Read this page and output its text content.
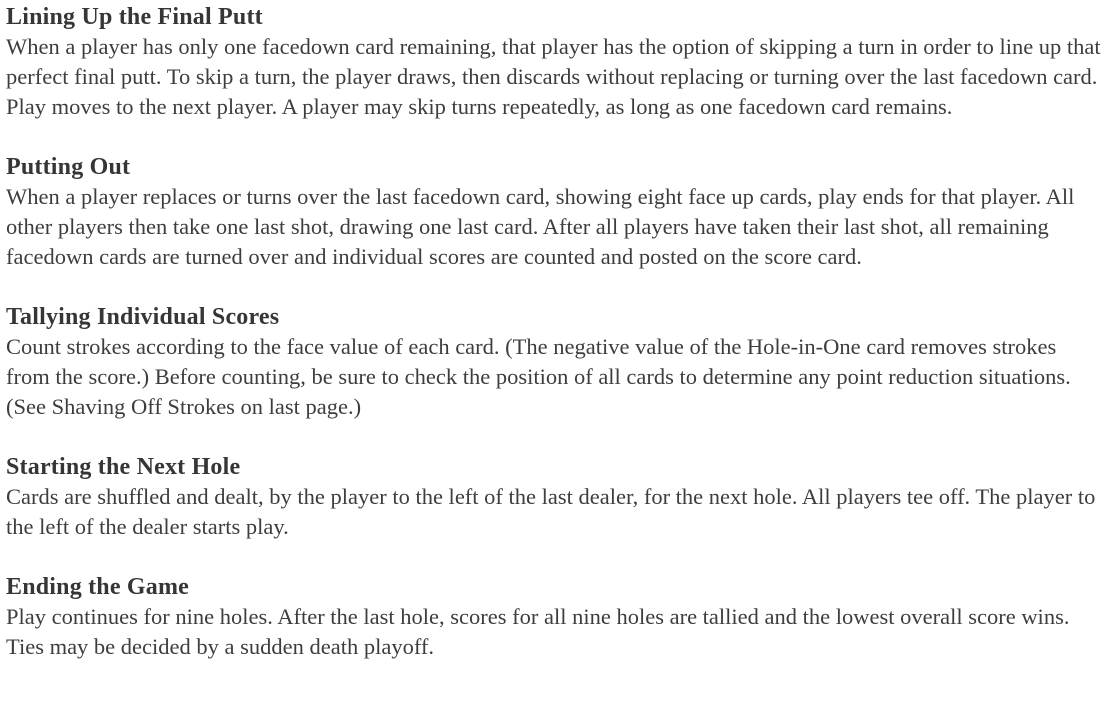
Lining Up the Final Putt

When a player has only one facedown card remaining, that player has the option of skipping a turn in order to line up that perfect final putt. To skip a turn, the player draws, then discards without replacing or turning over the last facedown card. Play moves to the next player. A player may skip turns repeatedly, as long as one facedown card remains.

Putting Out

When a player replaces or turns over the last facedown card, showing eight face up cards, play ends for that player. All other players then take one last shot, drawing one last card. After all players have taken their last shot, all remaining facedown cards are turned over and individual scores are counted and posted on the score card.

Tallying Individual Scores

Count strokes according to the face value of each card. (The negative value of the Hole-in-One card removes strokes from the score.) Before counting, be sure to check the position of all cards to determine any point reduction situations. (See Shaving Off Strokes on last page.)

Starting the Next Hole

Cards are shuffled and dealt, by the player to the left of the last dealer, for the next hole. All players tee off. The player to the left of the dealer starts play.

Ending the Game

Play continues for nine holes. After the last hole, scores for all nine holes are tallied and the lowest overall score wins. Ties may be decided by a sudden death playoff.
